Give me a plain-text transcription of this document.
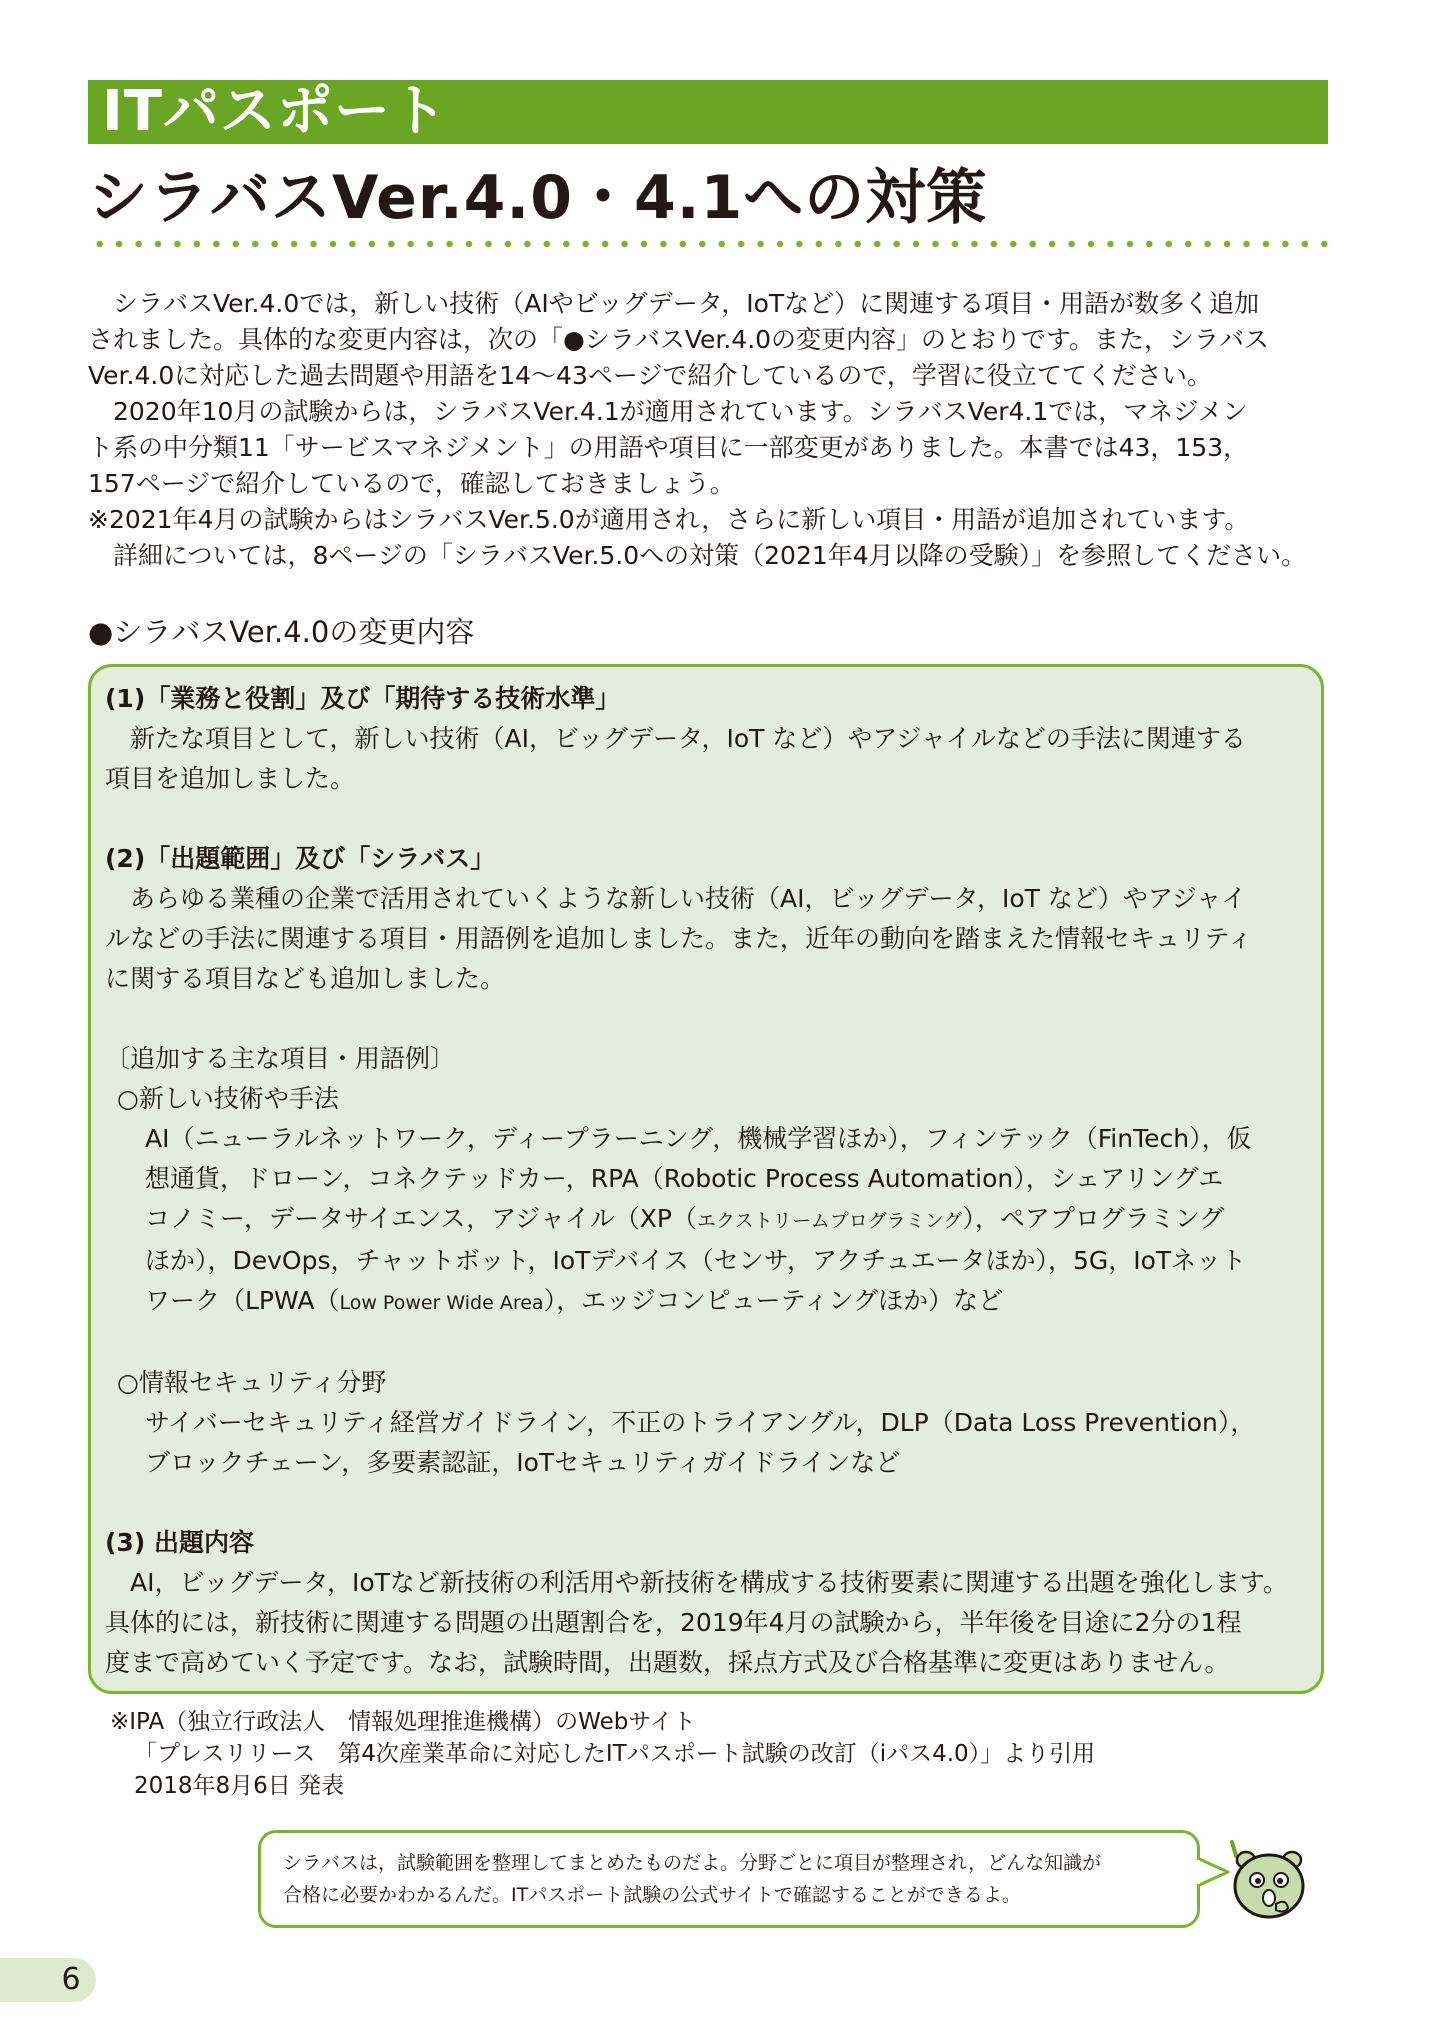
ITパスポート
シラバスVer.4.0・4.1への対策

シラバスVer.4.0では，新しい技術（AIやビッグデータ，IoTなど）に関連する項目・用語が数多く追加

されました。具体的な変更内容は，次の「●シラバスVer.4.0の変更内容」のとおりです。また，シラバス

Ver.4.0に対応した過去問題や用語を14～43ページで紹介しているので，学習に役立ててください。

2020年10月の試験からは，シラバスVer.4.1が適用されています。シラバスVer4.1では，マネジメン

ト系の中分類11「サービスマネジメント」の用語や項目に一部変更がありました。本書では43，153，

157ページで紹介しているので，確認しておきましょう。

※2021年4月の試験からはシラバスVer.5.0が適用され，さらに新しい項目・用語が追加されています。

詳細については，8ページの「シラバスVer.5.0への対策（2021年4月以降の受験）」を参照してください。

●シラバスVer.4.0の変更内容

(1)「業務と役割」及び「期待する技術水準」

新たな項目として，新しい技術（AI，ビッグデータ，IoT など）やアジャイルなどの手法に関連する

項目を追加しました。

(2)「出題範囲」及び「シラバス」

あらゆる業種の企業で活用されていくような新しい技術（AI，ビッグデータ，IoT など）やアジャイ

ルなどの手法に関連する項目・用語例を追加しました。また，近年の動向を踏まえた情報セキュリティ

に関する項目なども追加しました。

〔追加する主な項目・用語例〕

○新しい技術や手法

AI（ニューラルネットワーク，ディープラーニング，機械学習ほか），フィンテック（FinTech），仮

想通貨，ドローン，コネクテッドカー，RPA（Robotic Process Automation），シェアリングエ

コノミー，データサイエンス，アジャイル（XP（エクストリームプログラミング），ペアプログラミング

ほか），DevOps，チャットボット，IoTデバイス（センサ，アクチュエータほか），5G，IoTネット

ワーク（LPWA（Low Power Wide Area），エッジコンピューティングほか）など

○情報セキュリティ分野

サイバーセキュリティ経営ガイドライン，不正のトライアングル，DLP（Data Loss Prevention），

ブロックチェーン，多要素認証，IoTセキュリティガイドラインなど

(3) 出題内容

AI，ビッグデータ，IoTなど新技術の利活用や新技術を構成する技術要素に関連する出題を強化します。

具体的には，新技術に関連する問題の出題割合を，2019年4月の試験から，半年後を目途に2分の1程

度まで高めていく予定です。なお，試験時間，出題数，採点方式及び合格基準に変更はありません。

※IPA（独立行政法人　情報処理推進機構）のWebサイト

「プレスリリース　第4次産業革命に対応したITパスポート試験の改訂（iパス4.0）」より引用

2018年8月6日 発表

シラバスは，試験範囲を整理してまとめたものだよ。分野ごとに項目が整理され，どんな知識が

合格に必要かわかるんだ。ITパスポート試験の公式サイトで確認することができるよ。

6
